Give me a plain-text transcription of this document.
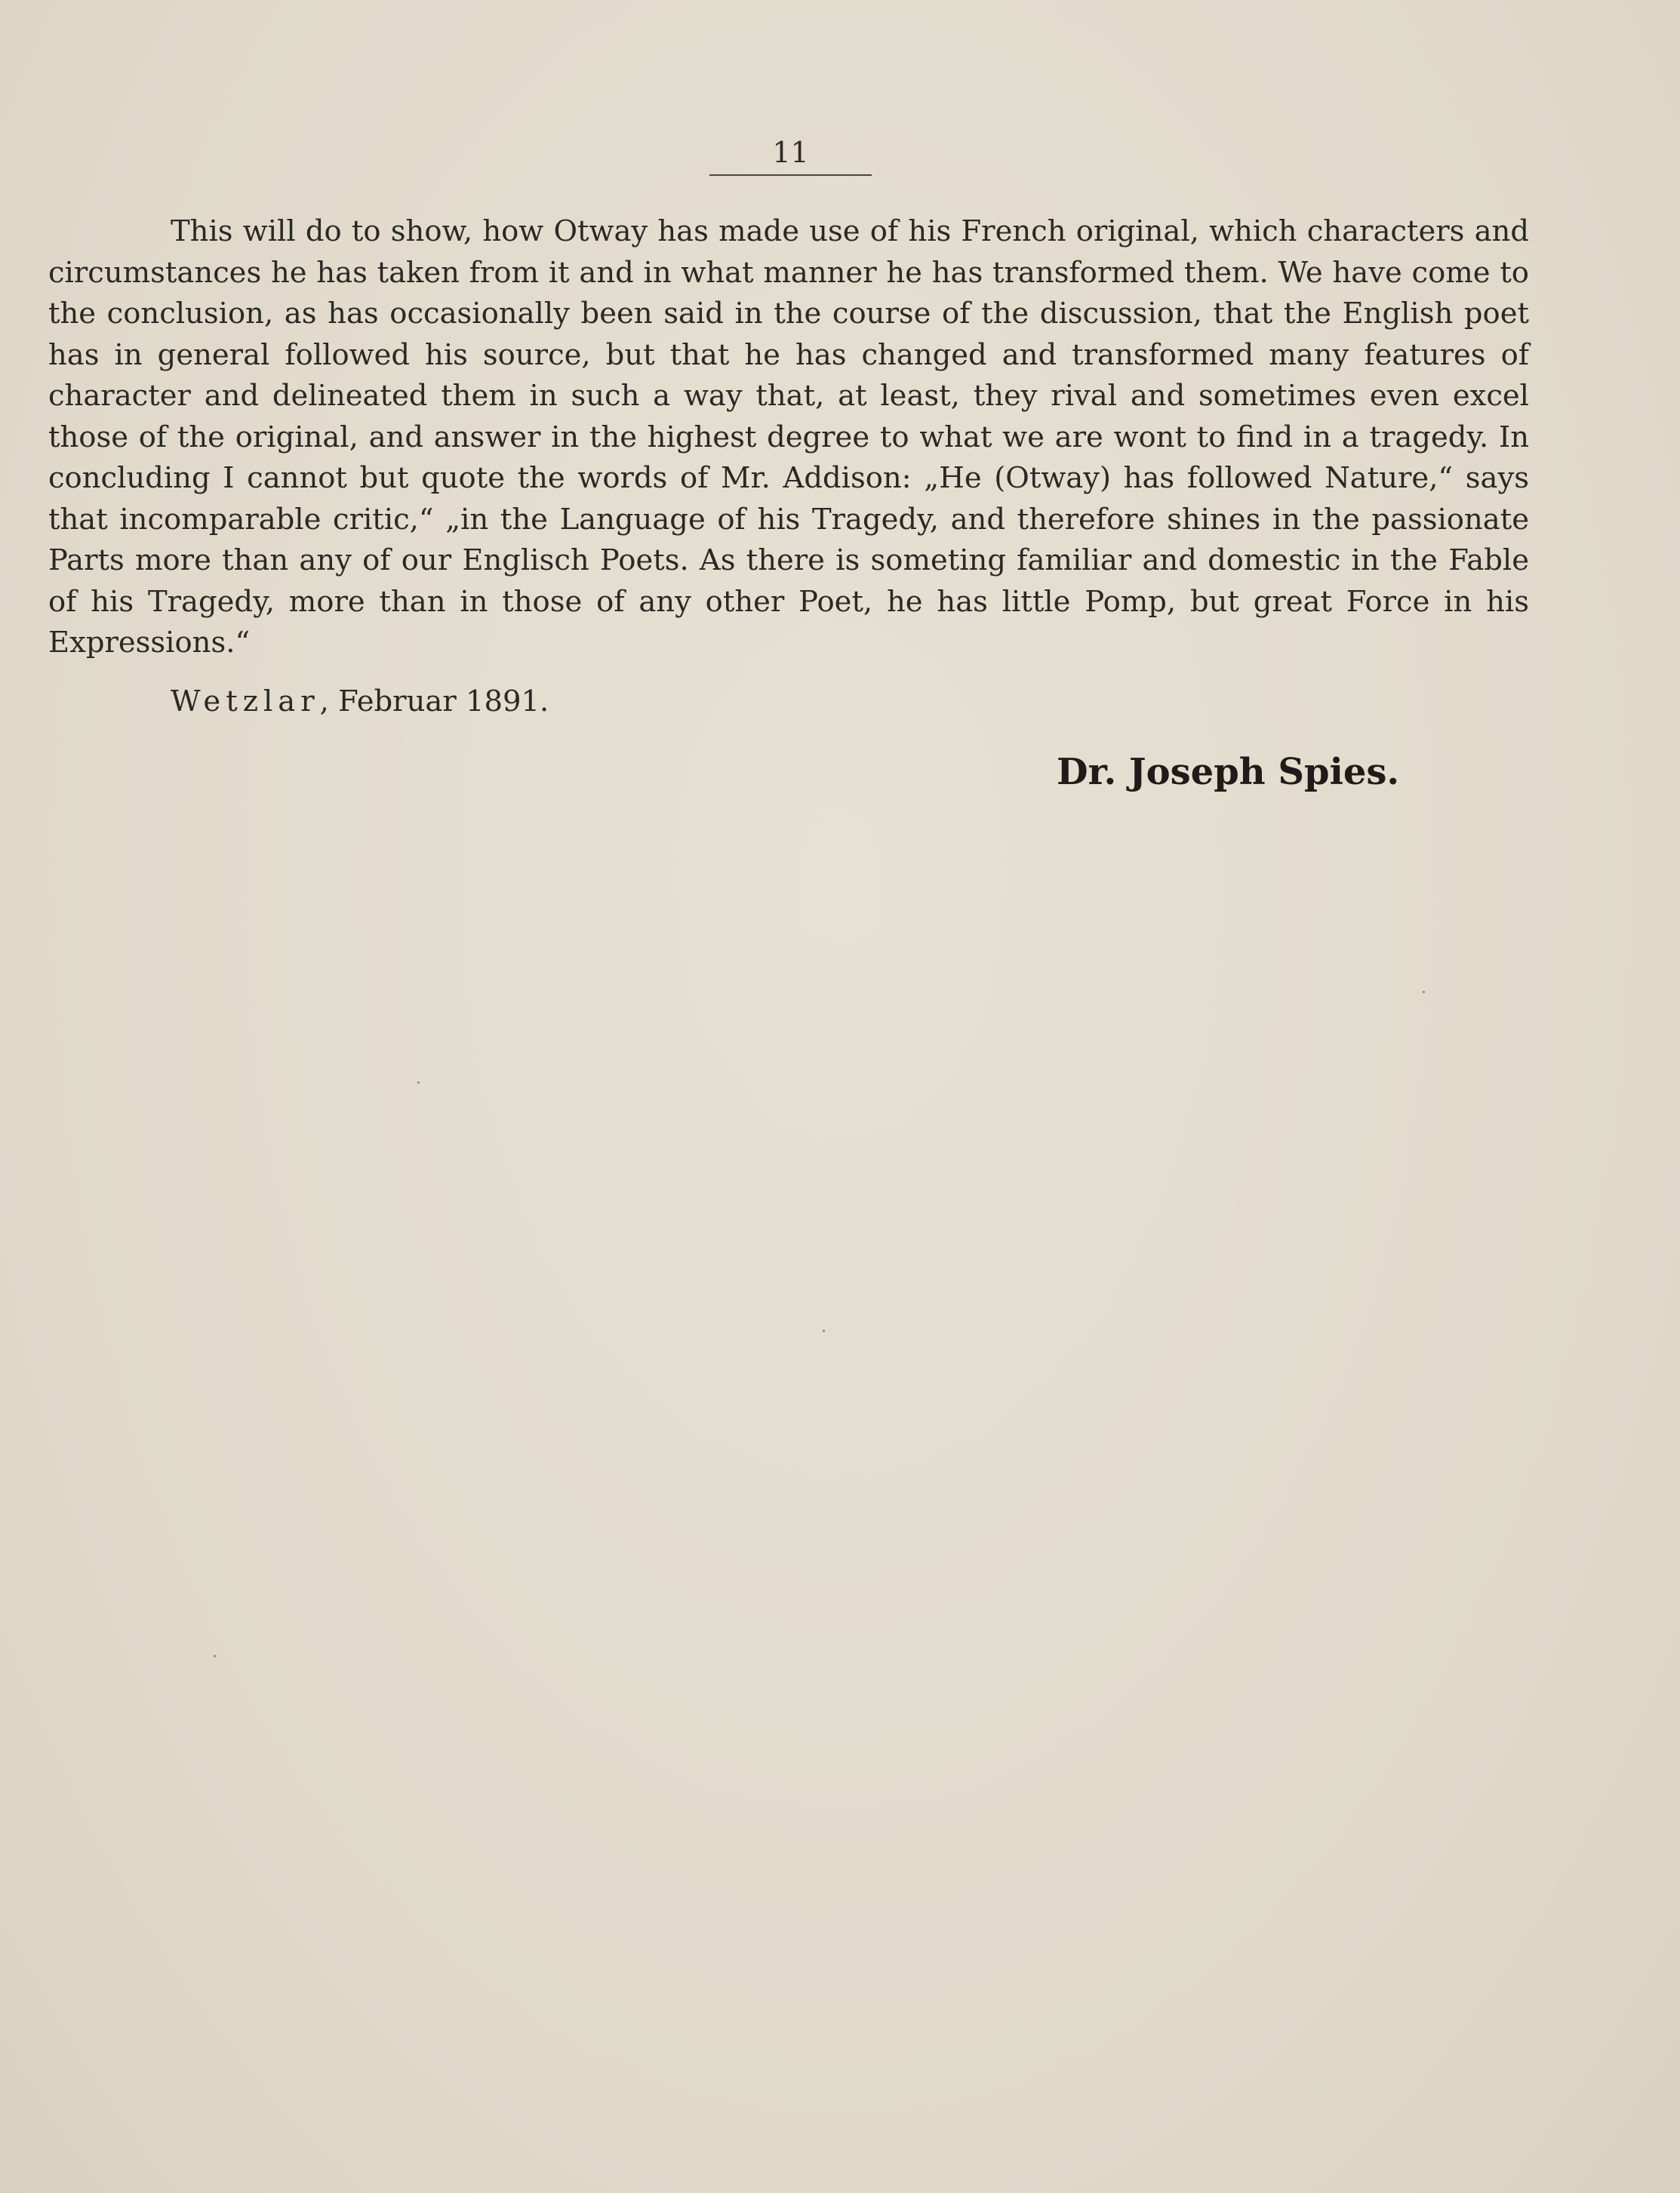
11

This will do to show, how Otway has made use of his French original, which characters and circumstances he has taken from it and in what manner he has transformed them. We have come to the conclusion, as has occasionally been said in the course of the discussion, that the English poet has in general followed his source, but that he has changed and transformed many features of character and delineated them in such a way that, at least, they rival and sometimes even excel those of the original, and answer in the highest degree to what we are wont to find in a tragedy. In concluding I cannot but quote the words of Mr. Addison: „He (Otway) has followed Nature,“ says that incomparable critic,“ „in the Language of his Tragedy, and therefore shines in the passionate Parts more than any of our Englisch Poets. As there is someting familiar and domestic in the Fable of his Tragedy, more than in those of any other Poet, he has little Pomp, but great Force in his Expressions.“

Wetzlar, Februar 1891.

Dr. Joseph Spies.
